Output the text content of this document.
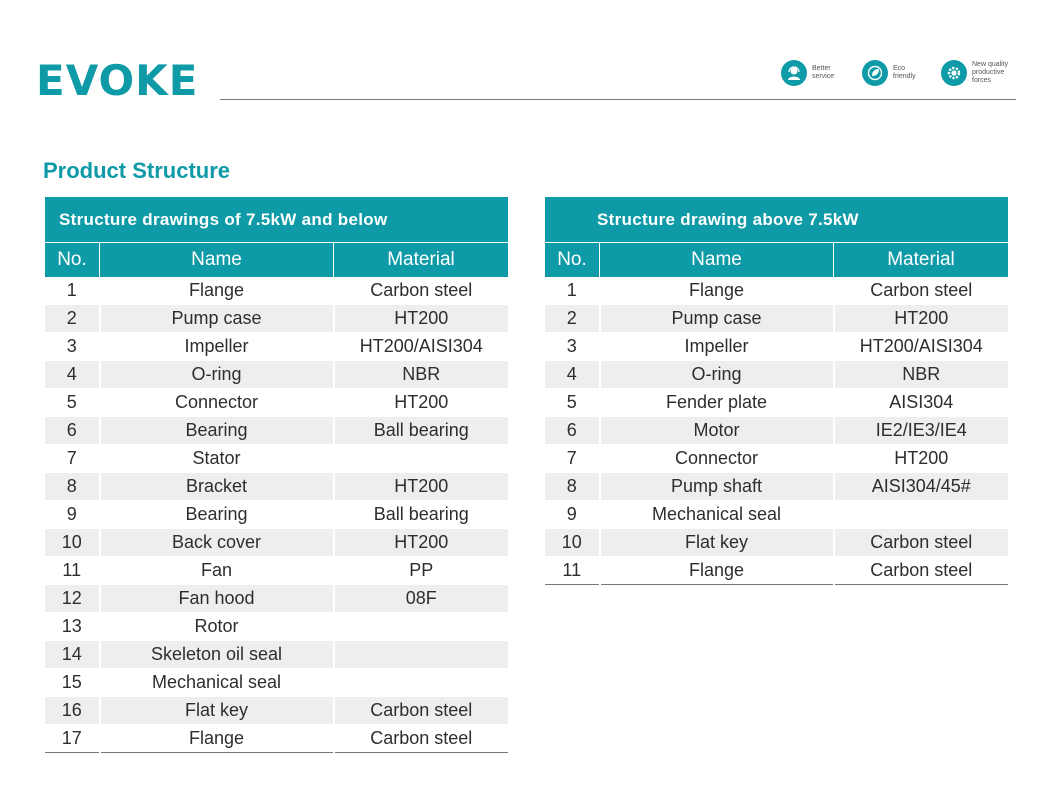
EVOKE	Better service
Eco friendly
New quality productive forces
Product Structure
Structure drawings of 7.5kW and below		
No.	Name	Material
1	Flange	Carbon steel
2	Pump case	HT200
3	Impeller	HT200/AISI304
4	O-ring	NBR
5	Connector	HT200
6	Bearing	Ball bearing
7	Stator	
8	Bracket	HT200
9	Bearing	Ball bearing
10	Back cover	HT200
11	Fan	PP
12	Fan hood	08F
13	Rotor	
14	Skeleton oil seal	
15	Mechanical seal	
16	Flat key	Carbon steel
17	Flange	Carbon steel
Structure drawing above 7.5kW		
No.	Name	Material
1	Flange	Carbon steel
2	Pump case	HT200
3	Impeller	HT200/AISI304
4	O-ring	NBR
5	Fender plate	AISI304
6	Motor	IE2/IE3/IE4
7	Connector	HT200
8	Pump shaft	AISI304/45#
9	Mechanical seal	
10	Flat key	Carbon steel
11	Flange	Carbon steel
